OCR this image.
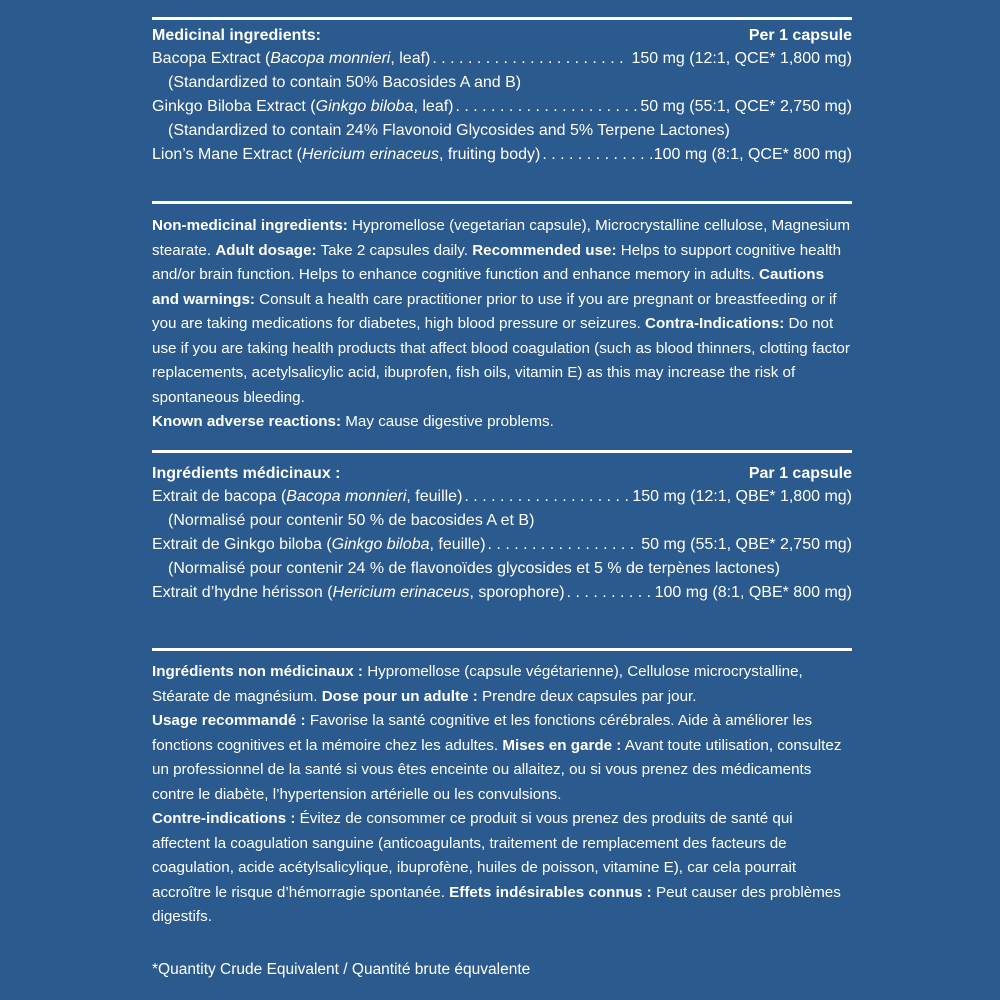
Medicinal ingredients:	Per 1 capsule
Bacopa Extract (Bacopa monnieri, leaf) . . .	150 mg (12:1, QCE* 1,800 mg)
(Standardized to contain 50% Bacosides A and B)
Ginkgo Biloba Extract (Ginkgo biloba, leaf) . . .	50 mg (55:1, QCE* 2,750 mg)
(Standardized to contain 24% Flavonoid Glycosides and 5% Terpene Lactones)
Lion’s Mane Extract (Hericium erinaceus, fruiting body) . . .	100 mg (8:1, QCE* 800 mg)
Non-medicinal ingredients: Hypromellose (vegetarian capsule), Microcrystalline cellulose, Magnesium stearate. Adult dosage: Take 2 capsules daily. Recommended use: Helps to support cognitive health and/or brain function. Helps to enhance cognitive function and enhance memory in adults. Cautions and warnings: Consult a health care practitioner prior to use if you are pregnant or breastfeeding or if you are taking medications for diabetes, high blood pressure or seizures. Contra-Indications: Do not use if you are taking health products that affect blood coagulation (such as blood thinners, clotting factor replacements, acetylsalicylic acid, ibuprofen, fish oils, vitamin E) as this may increase the risk of spontaneous bleeding.
Known adverse reactions: May cause digestive problems.
Ingrédients médicinaux :	Par 1 capsule
Extrait de bacopa (Bacopa monnieri, feuille) . . .	150 mg (12:1, QBE* 1,800 mg)
(Normalisé pour contenir 50 % de bacosides A et B)
Extrait de Ginkgo biloba (Ginkgo biloba, feuille) . . .	50 mg (55:1, QBE* 2,750 mg)
(Normalisé pour contenir 24 % de flavonoïdes glycosides et 5 % de terpènes lactones)
Extrait d’hydne hérisson (Hericium erinaceus, sporophore) . . .	100 mg (8:1, QBE* 800 mg)
Ingrédients non médicinaux : Hypromellose (capsule végétarienne), Cellulose microcrystalline, Stéarate de magnésium. Dose pour un adulte : Prendre deux capsules par jour.
Usage recommandé : Favorise la santé cognitive et les fonctions cérébrales. Aide à améliorer les fonctions cognitives et la mémoire chez les adultes. Mises en garde : Avant toute utilisation, consultez un professionnel de la santé si vous êtes enceinte ou allaitez, ou si vous prenez des médicaments contre le diabète, l’hypertension artérielle ou les convulsions.
Contre-indications : Évitez de consommer ce produit si vous prenez des produits de santé qui affectent la coagulation sanguine (anticoagulants, traitement de remplacement des facteurs de coagulation, acide acétylsalicylique, ibuprofène, huiles de poisson, vitamine E), car cela pourrait accroître le risque d’hémorragie spontanée. Effets indésirables connus : Peut causer des problèmes digestifs.
*Quantity Crude Equivalent / Quantité brute équvalente
